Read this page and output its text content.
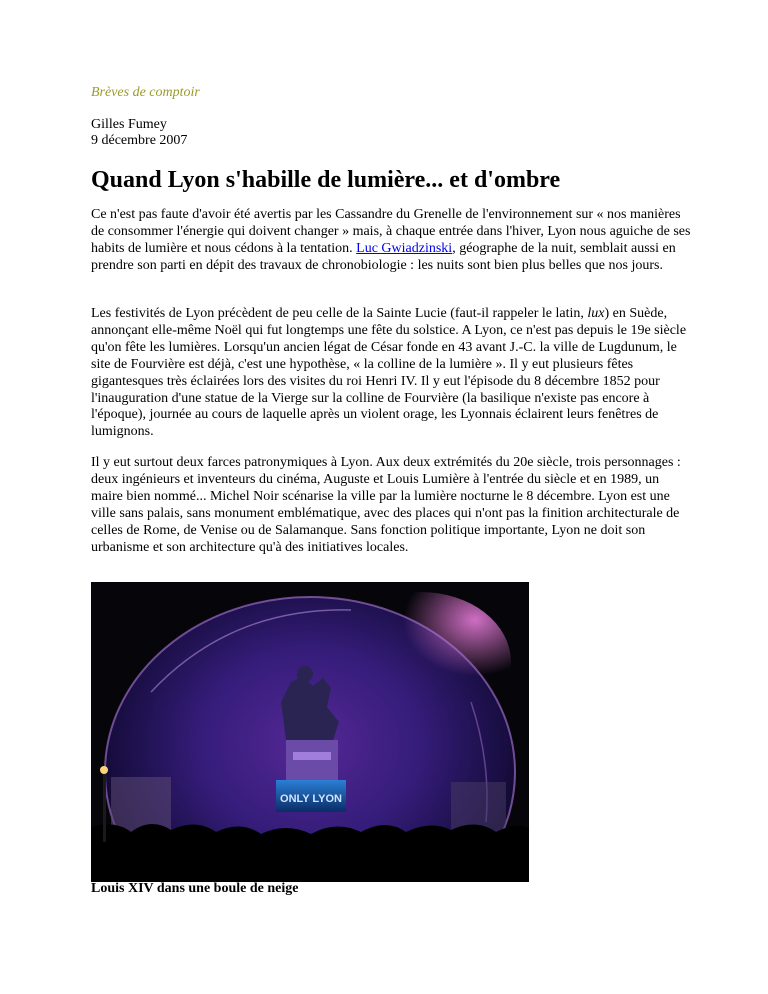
Brèves de comptoir
Gilles Fumey
9 décembre 2007
Quand Lyon s'habille de lumière... et d'ombre

Ce n'est pas faute d'avoir été avertis par les Cassandre du Grenelle de l'environnement sur « nos manières de consommer l'énergie qui doivent changer » mais, à chaque entrée dans l'hiver, Lyon nous aguiche de ses habits de lumière et nous cédons à la tentation. Luc Gwiadzinski, géographe de la nuit, semblait aussi en prendre son parti en dépit des travaux de chronobiologie : les nuits sont bien plus belles que nos jours.

Les festivités de Lyon précèdent de peu celle de la Sainte Lucie (faut-il rappeler le latin, lux) en Suède, annonçant elle-même Noël qui fut longtemps une fête du solstice. A Lyon, ce n'est pas depuis le 19e siècle qu'on fête les lumières. Lorsqu'un ancien légat de César fonde en 43 avant J.-C. la ville de Lugdunum, le site de Fourvière est déjà, c'est une hypothèse, « la colline de la lumière ». Il y eut plusieurs fêtes gigantesques très éclairées lors des visites du roi Henri IV. Il y eut l'épisode du 8 décembre 1852 pour l'inauguration d'une statue de la Vierge sur la colline de Fourvière (la basilique n'existe pas encore à l'époque), journée au cours de laquelle après un violent orage, les Lyonnais éclairent leurs fenêtres de lumignons.

Il y eut surtout deux farces patronymiques à Lyon. Aux deux extrémités du 20e siècle, trois personnages : deux ingénieurs et inventeurs du cinéma, Auguste et Louis Lumière à l'entrée du siècle et en 1989, un maire bien nommé... Michel Noir scénarise la ville par la lumière nocturne le 8 décembre. Lyon est une ville sans palais, sans monument emblématique, avec des places qui n'ont pas la finition architecturale de celles de Rome, de Venise ou de Salamanque. Sans fonction politique importante, Lyon ne doit son urbanisme et son architecture qu'à des initiatives locales.

ONLY LYON
Louis XIV dans une boule de neige
